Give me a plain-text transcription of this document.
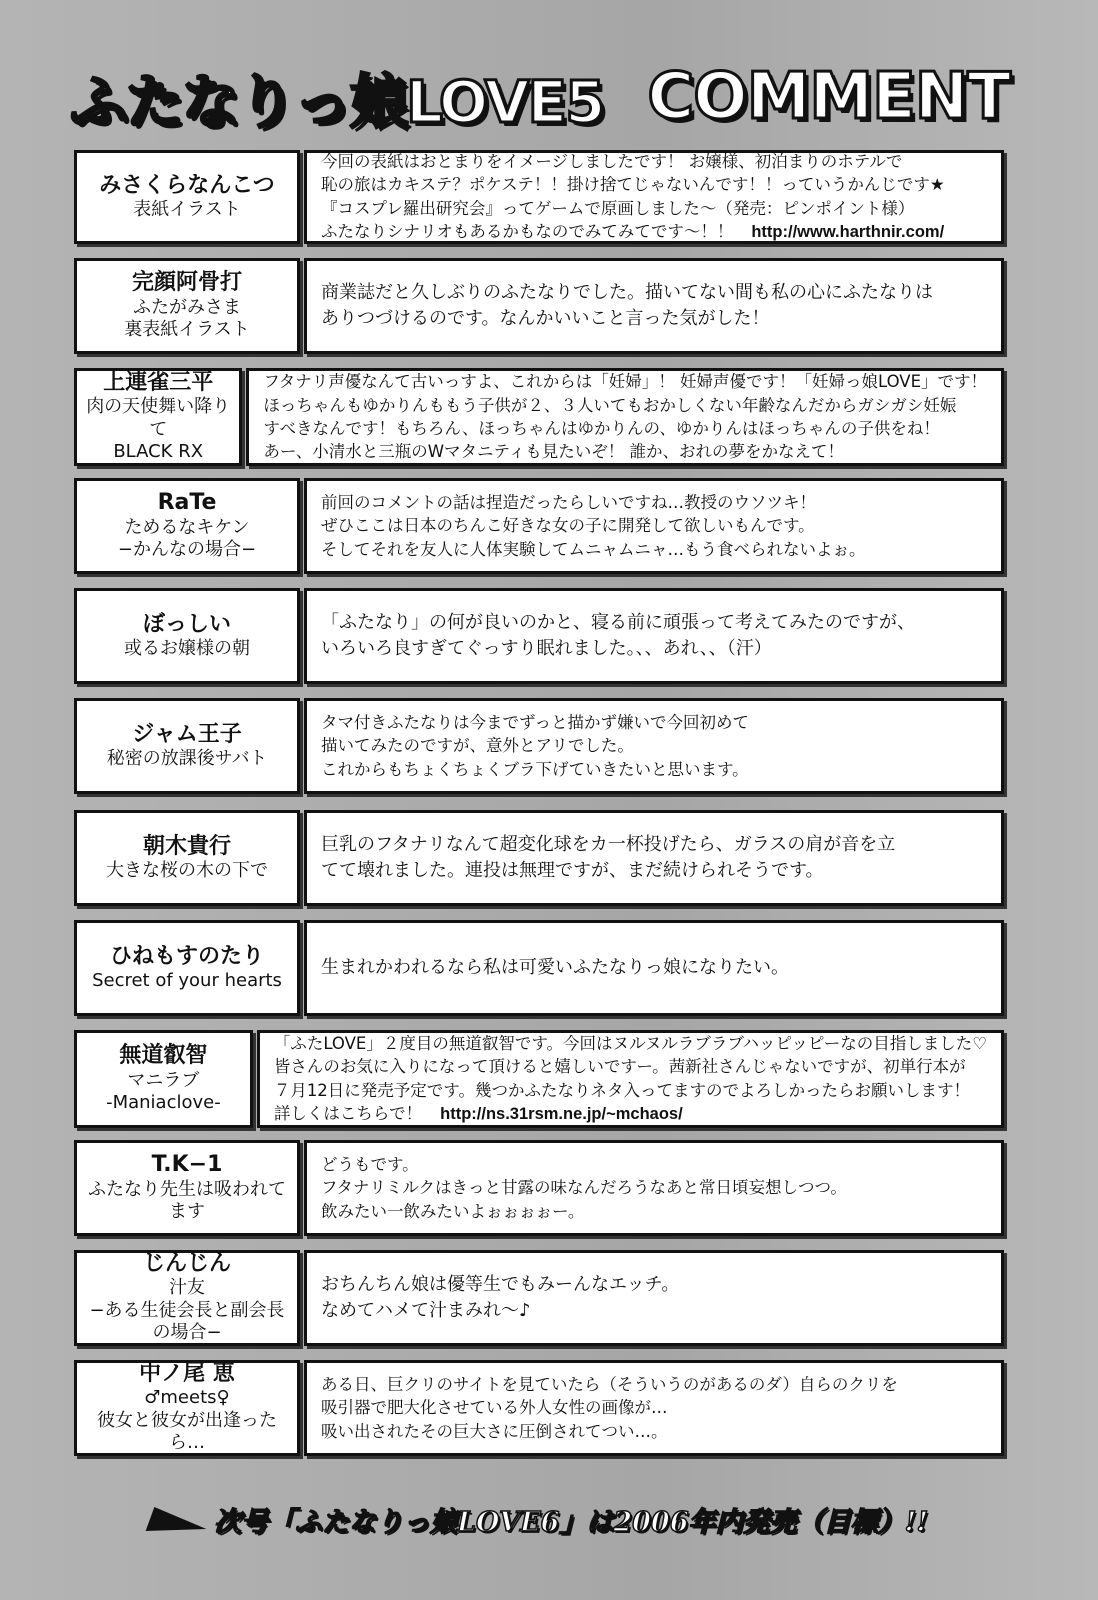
ふたなりっ娘LOVE5 COMMENT
みさくらなんこつ
表紙イラスト
今回の表紙はおとまりをイメージしましたです！ お嬢様、初泊まりのホテルで
恥の旅はカキステ？ポケステ！！掛け捨てじゃないんです！！っていうかんじです★
『コスプレ羅出研究会』ってゲームで原画しました〜（発売：ピンポイント様）
ふたなりシナリオもあるかもなのでみてみてです〜！！ http://www.harthnir.com/
完顔阿骨打
ふたがみさま
裏表紙イラスト
商業誌だと久しぶりのふたなりでした。描いてない間も私の心にふたなりは
ありつづけるのです。なんかいいこと言った気がした！
上連雀三平
肉の天使舞い降りて
BLACK RX
フタナリ声優なんて古いっすよ、これからは「妊婦」！ 妊婦声優です！「妊婦っ娘LOVE」です！
ほっちゃんもゆかりんももう子供が２、３人いてもおかしくない年齢なんだからガシガシ妊娠
すべきなんです！もちろん、ほっちゃんはゆかりんの、ゆかりんはほっちゃんの子供をね！
あー、小清水と三瓶のWマタニティも見たいぞ！ 誰か、おれの夢をかなえて！
RaTe
ためるなキケン
−かんなの場合−
前回のコメントの話は捏造だったらしいですね…教授のウソツキ！
ぜひここは日本のちんこ好きな女の子に開発して欲しいもんです。
そしてそれを友人に人体実験してムニャムニャ…もう食べられないよぉ。
ぼっしい
或るお嬢様の朝
「ふたなり」の何が良いのかと、寝る前に頑張って考えてみたのですが、
いろいろ良すぎてぐっすり眠れました。、、あれ、、（汗）
ジャム王子
秘密の放課後サバト
タマ付きふたなりは今までずっと描かず嫌いで今回初めて
描いてみたのですが、意外とアリでした。
これからもちょくちょくブラ下げていきたいと思います。
朝木貴行
大きな桜の木の下で
巨乳のフタナリなんて超変化球をカ一杯投げたら、ガラスの肩が音を立
てて壊れました。連投は無理ですが、まだ続けられそうです。
ひねもすのたり
Secret of your hearts
生まれかわれるなら私は可愛いふたなりっ娘になりたい。
無道叡智
マニラブ
-Maniaclove-
「ふたLOVE」２度目の無道叡智です。今回はヌルヌルラブラブハッピッピーなの目指しました♡
皆さんのお気に入りになって頂けると嬉しいですー。茜新社さんじゃないですが、初単行本が
７月12日に発売予定です。幾つかふたなりネタ入ってますのでよろしかったらお願いします！
詳しくはこちらで！ http://ns.31rsm.ne.jp/~mchaos/
T.K−1
ふたなり先生は吸われてます
どうもです。
フタナリミルクはきっと甘露の味なんだろうなあと常日頃妄想しつつ。
飲みたい一飲みたいよぉぉぉぉー。
じんじん
汁友
−ある生徒会長と副会長の場合−
おちんちん娘は優等生でもみーんなエッチ。
なめてハメて汁まみれ〜♪
中ノ尾 恵
♂meets♀
彼女と彼女が出逢ったら…
ある日、巨クリのサイトを見ていたら（そういうのがあるのダ）自らのクリを
吸引器で肥大化させている外人女性の画像が…
吸い出されたその巨大さに圧倒されてつい…。
次号「ふたなりっ娘LOVE6」は2006年内発売（目標）!!
